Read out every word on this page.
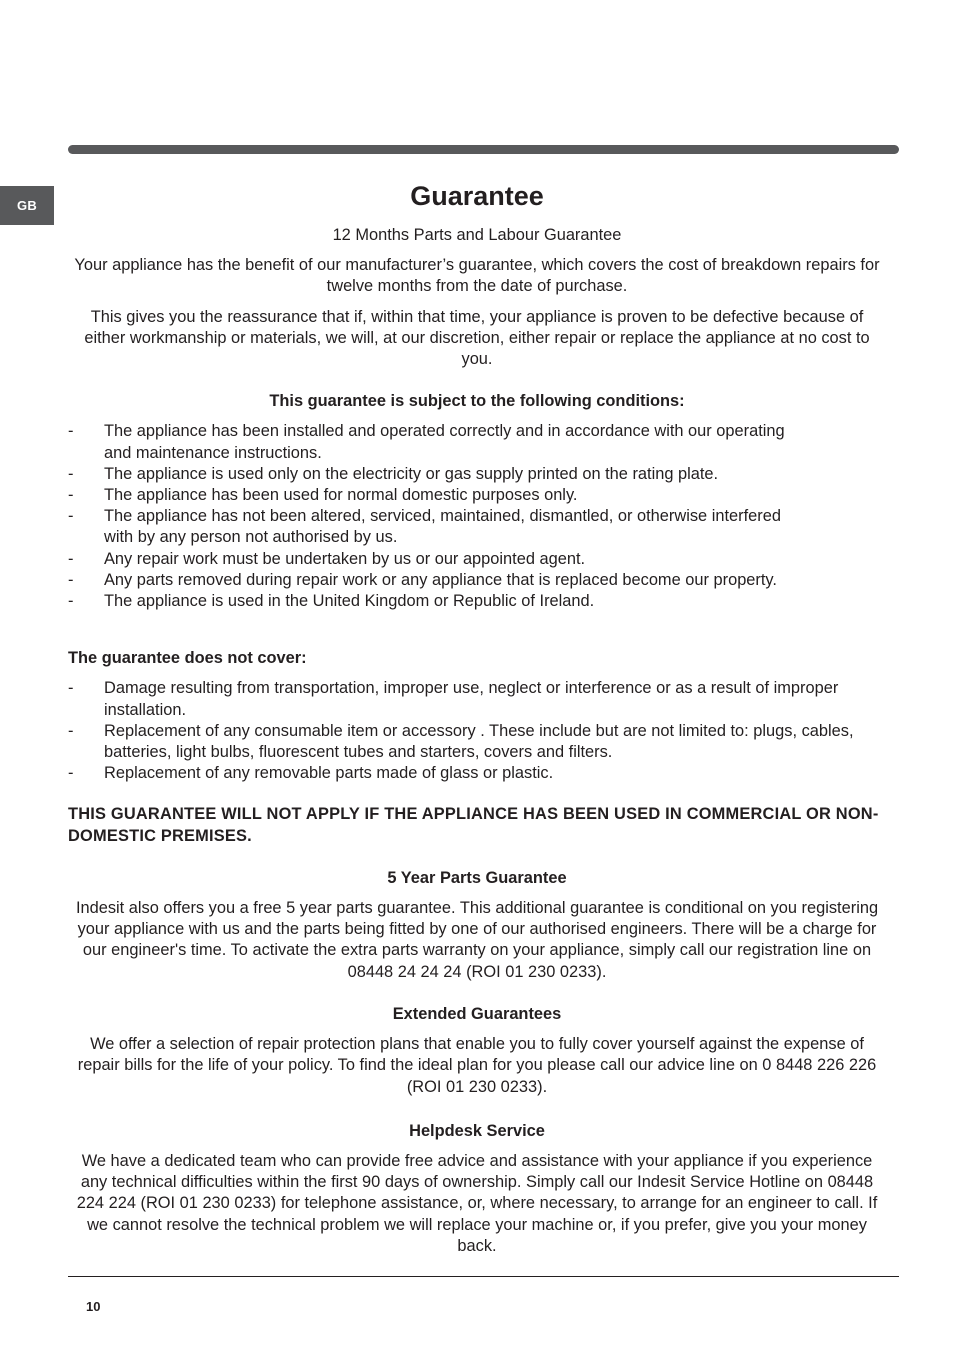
GB	Guarantee

12 Months Parts and Labour Guarantee

Your appliance has the benefit of our manufacturer’s guarantee, which covers the cost of breakdown repairs for twelve months from the date of purchase.

This gives you the reassurance that if, within that time, your appliance is proven to be defective because of either workmanship or materials, we will, at our discretion, either repair or replace the appliance at no cost to you.

This guarantee is subject to the following conditions:

- The appliance has been installed and operated correctly and in accordance with our operating and maintenance instructions.
- The appliance is used only on the electricity or gas supply printed on the rating plate.
- The appliance has been used for normal domestic purposes only.
- The appliance has not been altered, serviced, maintained, dismantled, or otherwise interfered with by any person not authorised by us.
- Any repair work must be undertaken by us or our appointed agent.
- Any parts removed during repair work or any appliance that is replaced become our property.
- The appliance is used in the United Kingdom or Republic of Ireland.

The guarantee does not cover:

- Damage resulting from transportation, improper use, neglect or interference or as a result of improper installation.
- Replacement of any consumable item or accessory . These include but are not limited to: plugs, cables, batteries, light bulbs, fluorescent tubes and starters, covers and filters.
- Replacement of any removable parts made of glass or plastic.

THIS GUARANTEE WILL NOT APPLY IF THE APPLIANCE HAS BEEN USED IN COMMERCIAL OR NON-DOMESTIC PREMISES.

5 Year Parts Guarantee

Indesit also offers you a free 5 year parts guarantee. This additional guarantee is conditional on you registering your appliance with us and the parts being fitted by one of our authorised engineers. There will be a charge for our engineer's time. To activate the extra parts warranty on your appliance, simply call our registration line on 08448 24 24 24 (ROI 01 230 0233).

Extended Guarantees

We offer a selection of repair protection plans that enable you to fully cover yourself against the expense of repair bills for the life of your policy. To find the ideal plan for you please call our advice line on 0 8448 226 226 (ROI 01 230 0233).

Helpdesk Service

We have a dedicated team who can provide free advice and assistance with your appliance if you experience any technical difficulties within the first 90 days of ownership. Simply call our Indesit Service Hotline on 08448 224 224 (ROI 01 230 0233) for telephone assistance, or, where necessary, to arrange for an engineer to call. If we cannot resolve the technical problem we will replace your machine or, if you prefer, give you your money back.

10
